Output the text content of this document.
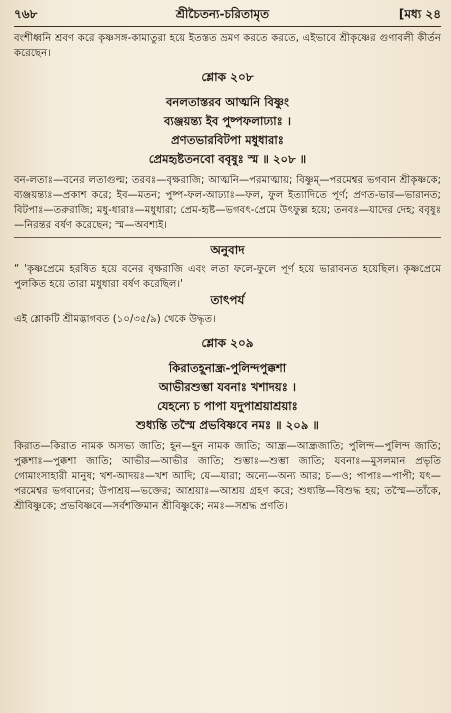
৭৬৮	শ্রীচৈতন্য-চরিতামৃত	[মধ্য ২৪

বংশীধ্বনি শ্রবণ করে কৃষ্ণসঙ্গ-কামাতুরা হয়ে ইতস্তত ভ্রমণ করতে করতে, এইভাবে শ্রীকৃষ্ণের গুণাবলী কীর্তন করেছেন।

শ্লোক ২০৮

বনলতাস্তরব আত্মনি বিষ্ণুং

ব্যঞ্জয়ন্ত্য ইব পুষ্পফলাঢ্যাঃ ।

প্রণতভারবিটপা মধুধারাঃ

প্রেমহৃষ্টতনবো ববৃষুঃ স্ম ॥ ২০৮ ॥

বন-লতাঃ—বনের লতাগুল্ম; তরবঃ—বৃক্ষরাজি; আত্মনি—পরমাত্মায়; বিষ্ণুম্—পরমেশ্বর ভগবান শ্রীকৃষ্ণকে; ব্যঞ্জয়ন্ত্যঃ—প্রকাশ করে; ইব—মতন; পুষ্প-ফল-আঢ্যাঃ—ফল, ফুল ইত্যাদিতে পূর্ণ; প্রণত-ভার—ভারানত; বিটপাঃ—তরুরাজি; মধু-ধারাঃ—মধুধারা; প্রেম-হৃষ্ট—ভগবৎ-প্রেমে উৎফুল্ল হয়ে; তনবঃ—যাদের দেহ; ববৃষুঃ—নিরন্তর বর্ষণ করেছেন; স্ম—অবশ্যই।

অনুবাদ

“ 'কৃষ্ণপ্রেমে হরষিত হয়ে বনের বৃক্ষরাজি এবং লতা ফলে-ফুলে পূর্ণ হয়ে ভারাবনত হয়েছিল। কৃষ্ণপ্রেমে পুলকিত হয়ে তারা মধুধারা বর্ষণ করেছিল।'

তাৎপর্য

এই শ্লোকটি শ্রীমদ্ভাগবত (১০/৩৫/৯) থেকে উদ্ধৃত।

শ্লোক ২০৯

কিরাতহূনান্ধ্র-পুলিন্দপুক্কশা

আভীরশুম্ভা যবনাঃ খশাদয়ঃ ।

যেহন্যে চ পাপা যদুপাশ্রয়াশ্রয়াঃ

শুধ্যন্তি তস্মৈ প্রভবিষ্ণবে নমঃ ॥ ২০৯ ॥

কিরাত—কিরাত নামক অসভ্য জাতি; হূন—হূন নামক জাতি; আন্ধ্র—আন্ধ্রজাতি; পুলিন্দ—পুলিন্দ জাতি; পুক্কশাঃ—পুক্কশা জাতি; আভীর—আভীর জাতি; শুম্ভাঃ—শুম্ভা জাতি; যবনাঃ—মুসলমান প্রভৃতি গোমাংসাহারী মানুষ; খশ-আদয়ঃ—খশ আদি; যে—যারা; অন্যে—অন্য আর; চ—ও; পাপাঃ—পাপী; যৎ—পরমেশ্বর ভগবানের; উপাশ্রয়—ভক্তের; আশ্রয়াঃ—আশ্রয় গ্রহণ করে; শুধ্যন্তি—বিশুদ্ধ হয়; তস্মৈ—তাঁকে, শ্রীবিষ্ণুকে; প্রভবিষ্ণবে—সর্বশক্তিমান শ্রীবিষ্ণুকে; নমঃ—সশ্রদ্ধ প্রণতি।
